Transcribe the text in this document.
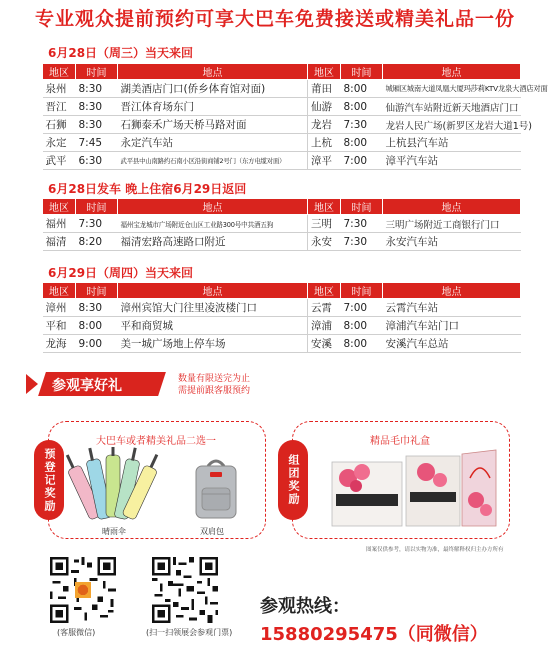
专业观众提前预约可享大巴车免费接送或精美礼品一份
6月28日（周三）当天来回
地区	时间	地点	地区	时间	地点
泉州	8:30	湖美酒店门口(侨乡体育馆对面)	莆田	8:00	城厢区城南大道凤凰大厦玛莎莉KTV龙泉大酒店对面
晋江	8:30	晋江体育场东门	仙游	8:00	仙游汽车站附近新天地酒店门口
石狮	8:30	石狮泰禾广场天桥马路对面	龙岩	7:30	龙岩人民广场(新罗区龙岩大道1号)
永定	7:45	永定汽车站	上杭	8:00	上杭县汽车站
武平	6:30	武平县中山南路约石南小区沿街商铺2号门（东方电缆对面）	漳平	7:00	漳平汽车站
6月28日发车 晚上住宿6月29日返回
地区	时间	地点	地区	时间	地点
福州	7:30	福州宝龙城市广场附近仓山区工业路300号中共酒五狗	三明	7:30	三明广场附近工商银行门口
福清	8:20	福清宏路高速路口附近	永安	7:30	永安汽车站
6月29日（周四）当天来回
地区	时间	地点	地区	时间	地点
漳州	8:30	漳州宾馆大门往里凌波楼门口	云霄	7:00	云霄汽车站
平和	8:00	平和商贸城	漳浦	8:00	漳浦汽车站门口
龙海	9:00	美一城广场地上停车场	安溪	8:00	安溪汽车总站
参观享好礼	数量有限送完为止
需提前跟客服预约
预登记奖励
大巴车或者精美礼品二选一
晴雨伞	双肩包
组团奖励
精品毛巾礼盒
图案仅供参考，请以实物为准，最终解释权归主办方所有
(客服微信)	(扫一扫领展会参观门票)
参观热线：
15880295475（同微信）
